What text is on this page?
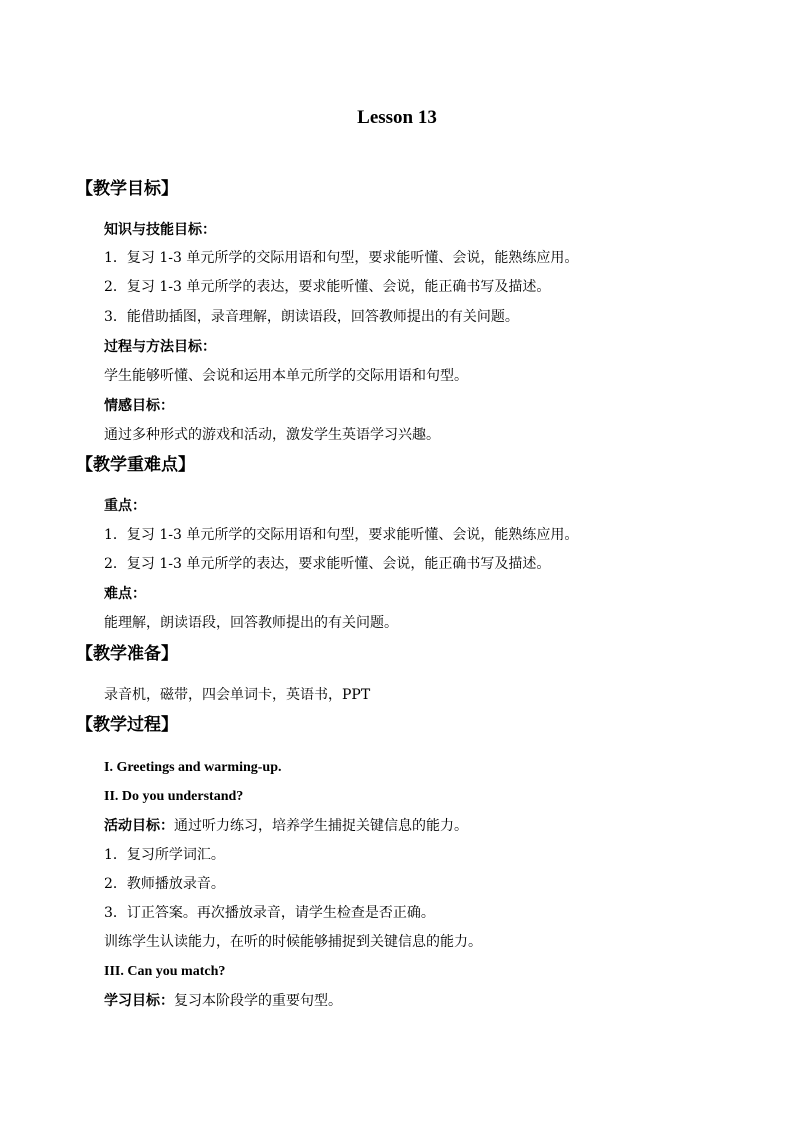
Lesson 13
【教学目标】
知识与技能目标：
1．复习 1-3 单元所学的交际用语和句型，要求能听懂、会说，能熟练应用。
2．复习 1-3 单元所学的表达，要求能听懂、会说，能正确书写及描述。
3．能借助插图，录音理解，朗读语段，回答教师提出的有关问题。
过程与方法目标：
学生能够听懂、会说和运用本单元所学的交际用语和句型。
情感目标：
通过多种形式的游戏和活动，激发学生英语学习兴趣。
【教学重难点】
重点：
1．复习 1-3 单元所学的交际用语和句型，要求能听懂、会说，能熟练应用。
2．复习 1-3 单元所学的表达，要求能听懂、会说，能正确书写及描述。
难点：
能理解，朗读语段，回答教师提出的有关问题。
【教学准备】
录音机，磁带，四会单词卡，英语书，PPT
【教学过程】
I. Greetings and warming-up.
II. Do you understand?
活动目标：通过听力练习，培养学生捕捉关键信息的能力。
1．复习所学词汇。
2．教师播放录音。
3．订正答案。再次播放录音，请学生检查是否正确。
训练学生认读能力，在听的时候能够捕捉到关键信息的能力。
III. Can you match?
学习目标：复习本阶段学的重要句型。
